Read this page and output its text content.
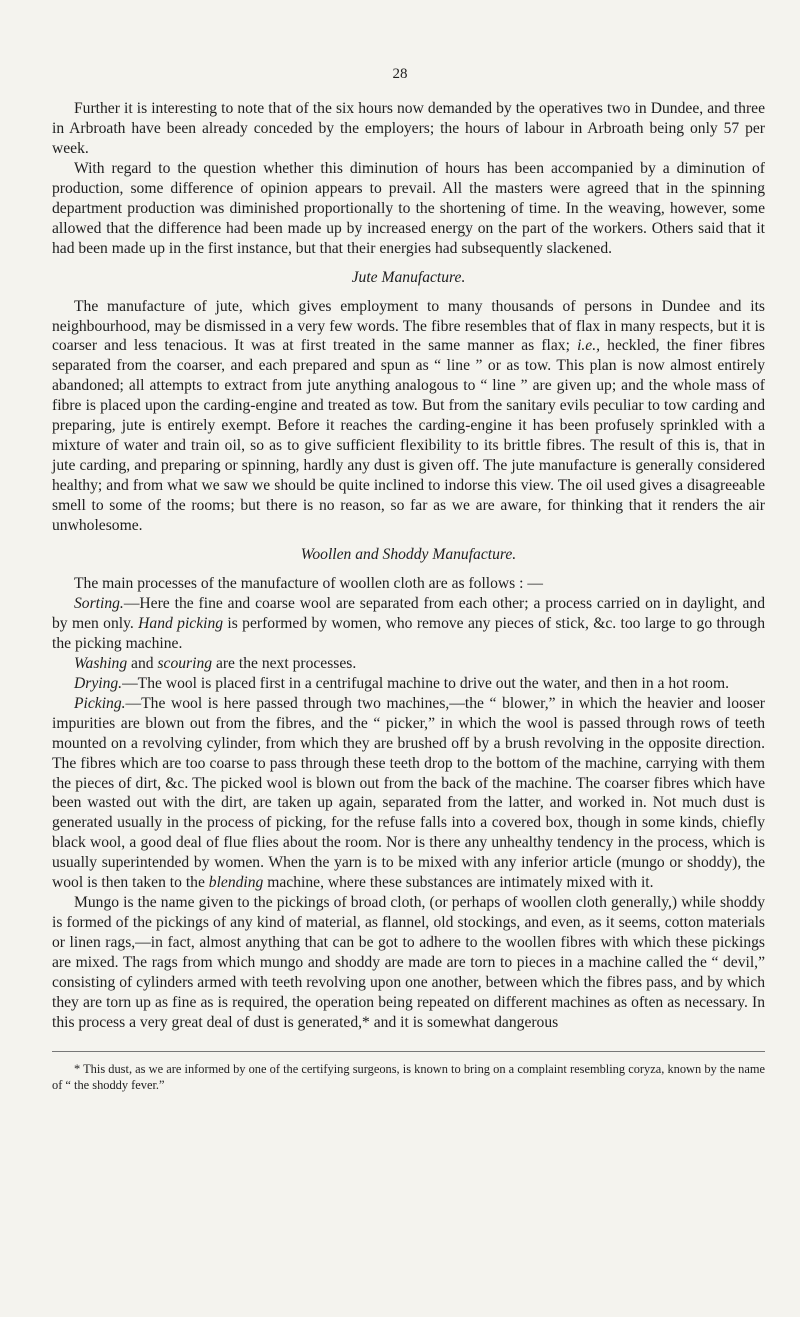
28

Further it is interesting to note that of the six hours now demanded by the operatives two in Dundee, and three in Arbroath have been already conceded by the employers; the hours of labour in Arbroath being only 57 per week.

With regard to the question whether this diminution of hours has been accompanied by a diminution of production, some difference of opinion appears to prevail. All the masters were agreed that in the spinning department production was diminished proportionally to the shortening of time. In the weaving, however, some allowed that the difference had been made up by increased energy on the part of the workers. Others said that it had been made up in the first instance, but that their energies had subsequently slackened.

Jute Manufacture.

The manufacture of jute, which gives employment to many thousands of persons in Dundee and its neighbourhood, may be dismissed in a very few words. The fibre resembles that of flax in many respects, but it is coarser and less tenacious. It was at first treated in the same manner as flax; i.e., heckled, the finer fibres separated from the coarser, and each prepared and spun as “ line ” or as tow. This plan is now almost entirely abandoned; all attempts to extract from jute anything analogous to “ line ” are given up; and the whole mass of fibre is placed upon the carding-engine and treated as tow. But from the sanitary evils peculiar to tow carding and preparing, jute is entirely exempt. Before it reaches the carding-engine it has been profusely sprinkled with a mixture of water and train oil, so as to give sufficient flexibility to its brittle fibres. The result of this is, that in jute carding, and preparing or spinning, hardly any dust is given off. The jute manufacture is generally considered healthy; and from what we saw we should be quite inclined to indorse this view. The oil used gives a disagreeable smell to some of the rooms; but there is no reason, so far as we are aware, for thinking that it renders the air unwholesome.

Woollen and Shoddy Manufacture.

The main processes of the manufacture of woollen cloth are as follows : —

Sorting.—Here the fine and coarse wool are separated from each other; a process carried on in daylight, and by men only. Hand picking is performed by women, who remove any pieces of stick, &c. too large to go through the picking machine.

Washing and scouring are the next processes.

Drying.—The wool is placed first in a centrifugal machine to drive out the water, and then in a hot room.

Picking.—The wool is here passed through two machines,—the “ blower,” in which the heavier and looser impurities are blown out from the fibres, and the “ picker,” in which the wool is passed through rows of teeth mounted on a revolving cylinder, from which they are brushed off by a brush revolving in the opposite direction. The fibres which are too coarse to pass through these teeth drop to the bottom of the machine, carrying with them the pieces of dirt, &c. The picked wool is blown out from the back of the machine. The coarser fibres which have been wasted out with the dirt, are taken up again, separated from the latter, and worked in. Not much dust is generated usually in the process of picking, for the refuse falls into a covered box, though in some kinds, chiefly black wool, a good deal of flue flies about the room. Nor is there any unhealthy tendency in the process, which is usually superintended by women. When the yarn is to be mixed with any inferior article (mungo or shoddy), the wool is then taken to the blending machine, where these substances are intimately mixed with it.

Mungo is the name given to the pickings of broad cloth, (or perhaps of woollen cloth generally,) while shoddy is formed of the pickings of any kind of material, as flannel, old stockings, and even, as it seems, cotton materials or linen rags,—in fact, almost anything that can be got to adhere to the woollen fibres with which these pickings are mixed. The rags from which mungo and shoddy are made are torn to pieces in a machine called the “ devil,” consisting of cylinders armed with teeth revolving upon one another, between which the fibres pass, and by which they are torn up as fine as is required, the operation being repeated on different machines as often as necessary. In this process a very great deal of dust is generated,* and it is somewhat dangerous

* This dust, as we are informed by one of the certifying surgeons, is known to bring on a complaint resembling coryza, known by the name of “ the shoddy fever.”
